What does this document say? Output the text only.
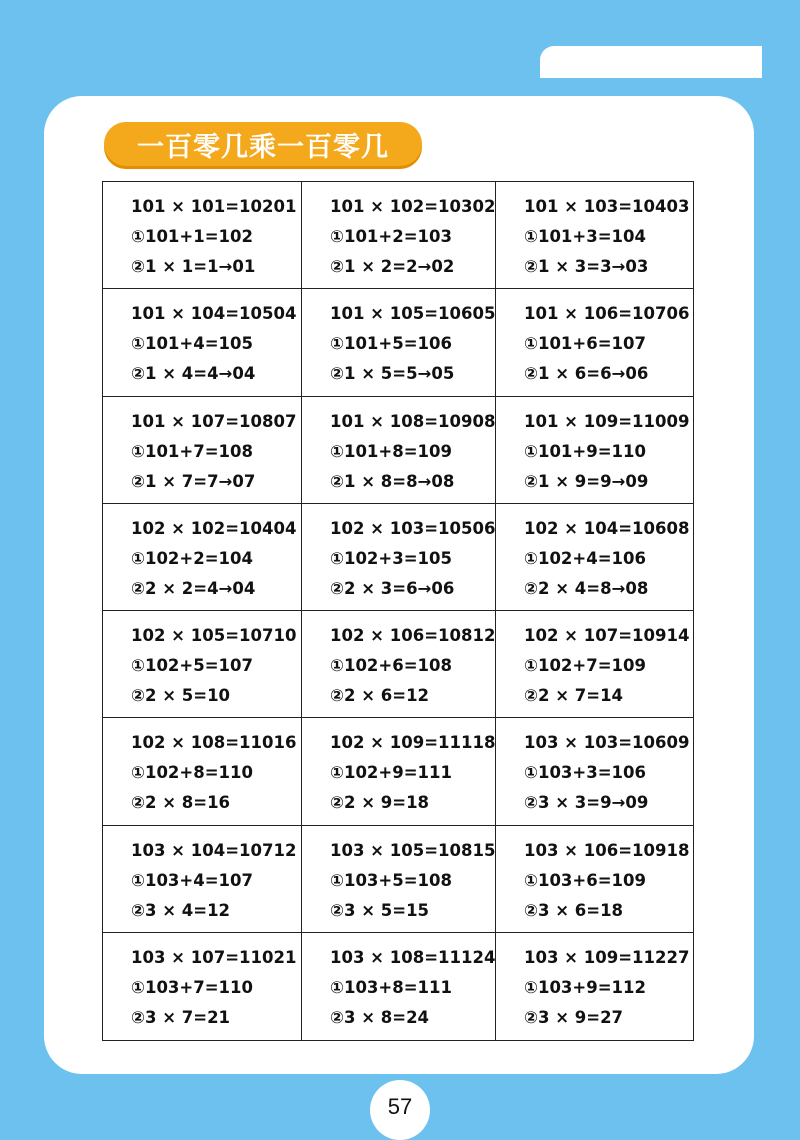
一百零几乘一百零几
101 × 101=10201
①101+1=102
②1 × 1=1→01
101 × 102=10302
①101+2=103
②1 × 2=2→02
101 × 103=10403
①101+3=104
②1 × 3=3→03
101 × 104=10504
①101+4=105
②1 × 4=4→04
101 × 105=10605
①101+5=106
②1 × 5=5→05
101 × 106=10706
①101+6=107
②1 × 6=6→06
101 × 107=10807
①101+7=108
②1 × 7=7→07
101 × 108=10908
①101+8=109
②1 × 8=8→08
101 × 109=11009
①101+9=110
②1 × 9=9→09
102 × 102=10404
①102+2=104
②2 × 2=4→04
102 × 103=10506
①102+3=105
②2 × 3=6→06
102 × 104=10608
①102+4=106
②2 × 4=8→08
102 × 105=10710
①102+5=107
②2 × 5=10
102 × 106=10812
①102+6=108
②2 × 6=12
102 × 107=10914
①102+7=109
②2 × 7=14
102 × 108=11016
①102+8=110
②2 × 8=16
102 × 109=11118
①102+9=111
②2 × 9=18
103 × 103=10609
①103+3=106
②3 × 3=9→09
103 × 104=10712
①103+4=107
②3 × 4=12
103 × 105=10815
①103+5=108
②3 × 5=15
103 × 106=10918
①103+6=109
②3 × 6=18
103 × 107=11021
①103+7=110
②3 × 7=21
103 × 108=11124
①103+8=111
②3 × 8=24
103 × 109=11227
①103+9=112
②3 × 9=27
57
